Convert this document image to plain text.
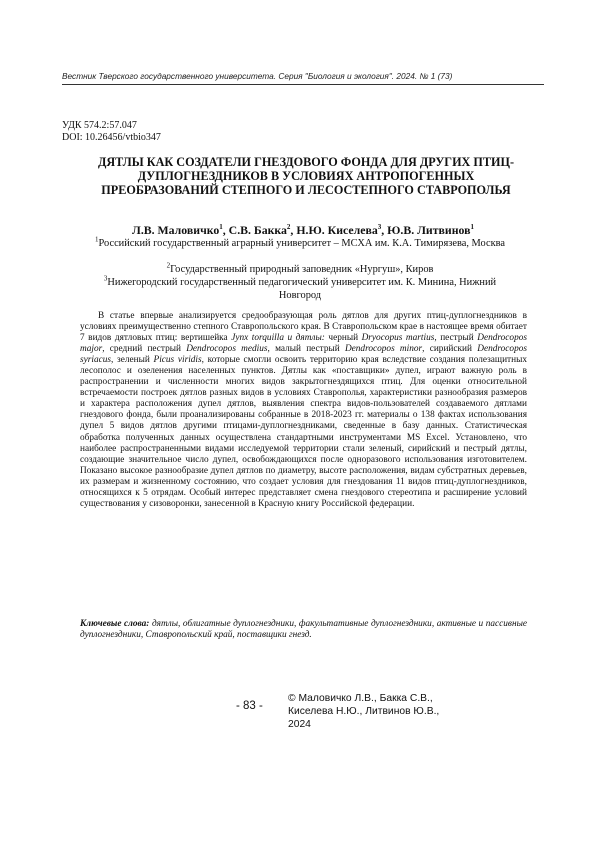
Вестник Тверского государственного университета. Серия "Биология и экология". 2024. № 1 (73)
УДК 574.2:57.047
DOI: 10.26456/vtbio347
ДЯТЛЫ КАК СОЗДАТЕЛИ ГНЕЗДОВОГО ФОНДА ДЛЯ ДРУГИХ ПТИЦ-ДУПЛОГНЕЗДНИКОВ В УСЛОВИЯХ АНТРОПОГЕННЫХ ПРЕОБРАЗОВАНИЙ СТЕПНОГО И ЛЕСОСТЕПНОГО СТАВРОПОЛЬЯ
Л.В. Маловичко$^1$, С.В. Бакка$^2$, Н.Ю. Киселева$^3$, Ю.В. Литвинов$^1$
$^1$Российский государственный аграрный университет – МСХА им. К.А. Тимирязева, Москва
$^2$Государственный природный заповедник «Нургуш», Киров
$^3$Нижегородский государственный педагогический университет им. К. Минина, Нижний Новгород
В статье впервые анализируется средообразующая роль дятлов для других птиц-дуплогнездников в условиях преимущественно степного Ставропольского края. В Ставропольском крае в настоящее время обитает 7 видов дятловых птиц: вертишейка Jynx torquilla и дятлы: черный Dryocopus martius, пестрый Dendrocopos major, средний пестрый Dendrocopos medius, малый пестрый Dendrocopos minor, сирийский Dendrocopos syriacus, зеленый Picus viridis, которые смогли освоить территорию края вследствие создания полезащитных лесополос и озеленения населенных пунктов. Дятлы как «поставщики» дупел, играют важную роль в распространении и численности многих видов закрытогнездящихся птиц. Для оценки относительной встречаемости построек дятлов разных видов в условиях Ставрополья, характеристики разнообразия размеров и характера расположения дупел дятлов, выявления спектра видов-пользователей создаваемого дятлами гнездового фонда, были проанализированы собранные в 2018-2023 гг. материалы о 138 фактах использования дупел 5 видов дятлов другими птицами-дуплогнездниками, сведенные в базу данных. Статистическая обработка полученных данных осуществлена стандартными инструментами MS Excel. Установлено, что наиболее распространенными видами исследуемой территории стали зеленый, сирийский и пестрый дятлы, создающие значительное число дупел, освобождающихся после одноразового использования изготовителем. Показано высокое разнообразие дупел дятлов по диаметру, высоте расположения, видам субстратных деревьев, их размерам и жизненному состоянию, что создает условия для гнездования 11 видов птиц-дуплогнездников, относящихся к 5 отрядам. Особый интерес представляет смена гнездового стереотипа и расширение условий существования у сизоворонки, занесенной в Красную книгу Российской федерации.
Ключевые слова: дятлы, облигатные дуплогнездники, факультативные дуплогнездники, активные и пассивные дуплогнездники, Ставропольский край, поставщики гнезд.
- 83 -
© Маловичко Л.В., Бакка С.В.,
Киселева Н.Ю., Литвинов Ю.В.,
2024
